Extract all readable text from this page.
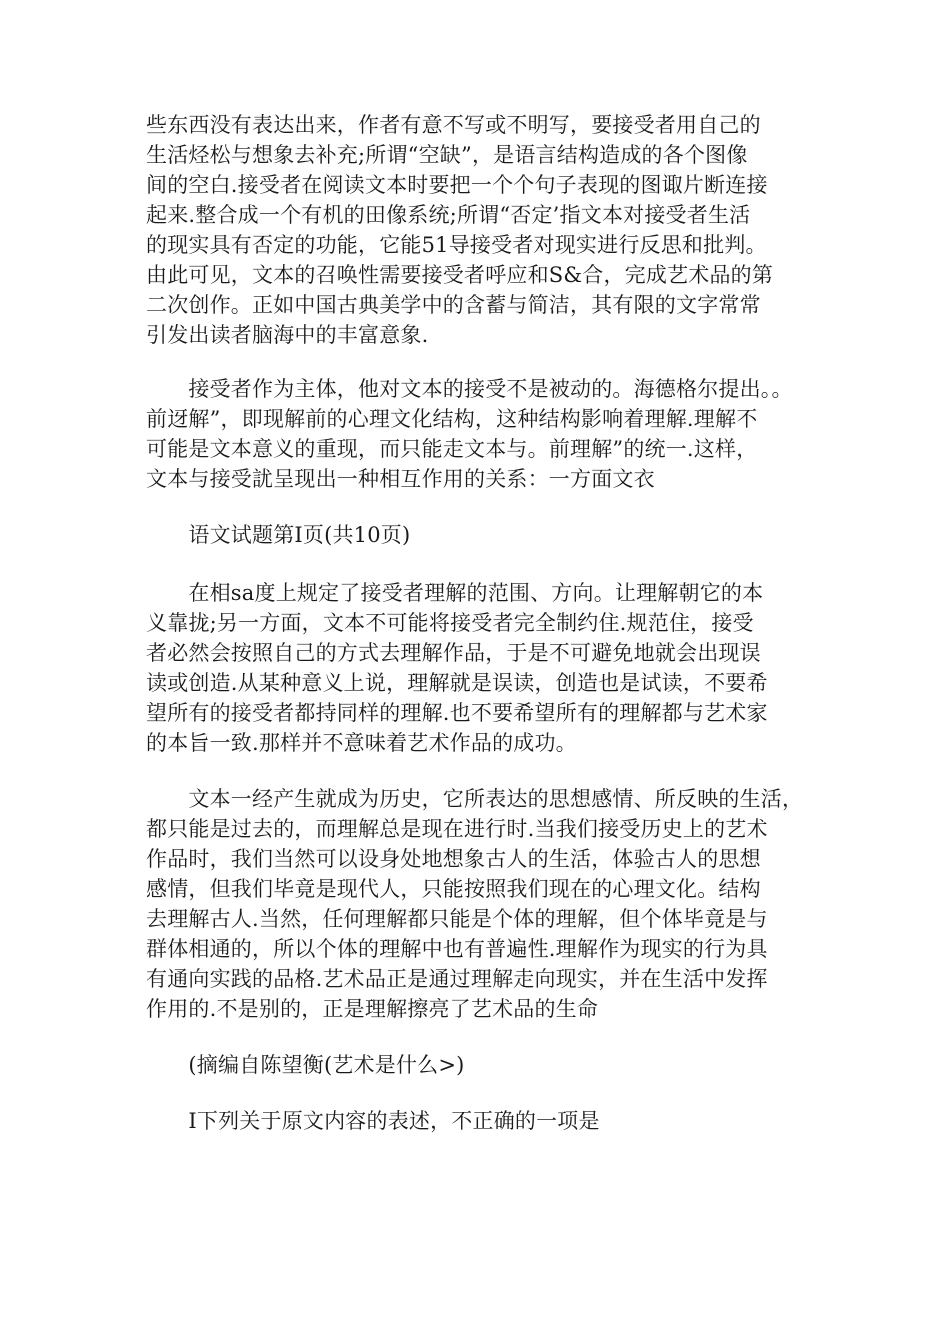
些东西没有表达出来，作者有意不写或不明写，要接受者用自己的
生活烃松与想象去补充;所谓“空缺”，是语言结构造成的各个图像
间的空白.接受者在阅读文本时要把一个个句子表现的图诹片断连接
起来.整合成一个有机的田像系统;所谓“否定’指文本对接受者生活
的现实具有否定的功能，它能51导接受者对现实进行反思和批判。
由此可见，文本的召唤性需要接受者呼应和S&合，完成艺术品的第
二次创作。正如中国古典美学中的含蓄与简洁，其有限的文字常常
引发出读者脑海中的丰富意象.
　　接受者作为主体，他对文本的接受不是被动的。海德格尔提出。。
前迓解”，即现解前的心理文化结构，这种结构影响着理解.理解不
可能是文本意义的重现，而只能走文本与。前理解”的统一.这样，
文本与接受訧呈现出一种相互作用的关系：一方面文衣
　　语文试题第I页(共10页)
　　在相sa度上规定了接受者理解的范围、方向。让理解朝它的本
义靠拢;另一方面，文本不可能将接受者完全制约住.规范住，接受
者必然会按照自己的方式去理解作品，于是不可避免地就会出现误
读或创造.从某种意义上说，理解就是误读，创造也是试读，不要希
望所有的接受者都持同样的理解.也不要希望所有的理解都与艺术家
的本旨一致.那样并不意味着艺术作品的成功。
　　文本一经产生就成为历史，它所表达的思想感情、所反映的生活，
都只能是过去的，而理解总是现在进行时.当我们接受历史上的艺术
作品时，我们当然可以设身处地想象古人的生活，体验古人的思想
感情，但我们毕竟是现代人，只能按照我们现在的心理文化。结构
去理解古人.当然，任何理解都只能是个体的理解，但个体毕竟是与
群体相通的，所以个体的理解中也有普遍性.理解作为现实的行为具
有通向实践的品格.艺术品正是通过理解走向现实，并在生活中发挥
作用的.不是别的，正是理解擦亮了艺术品的生命
　　(摘编自陈望衡(艺术是什么>)
　　I下列关于原文内容的表述，不正确的一项是
